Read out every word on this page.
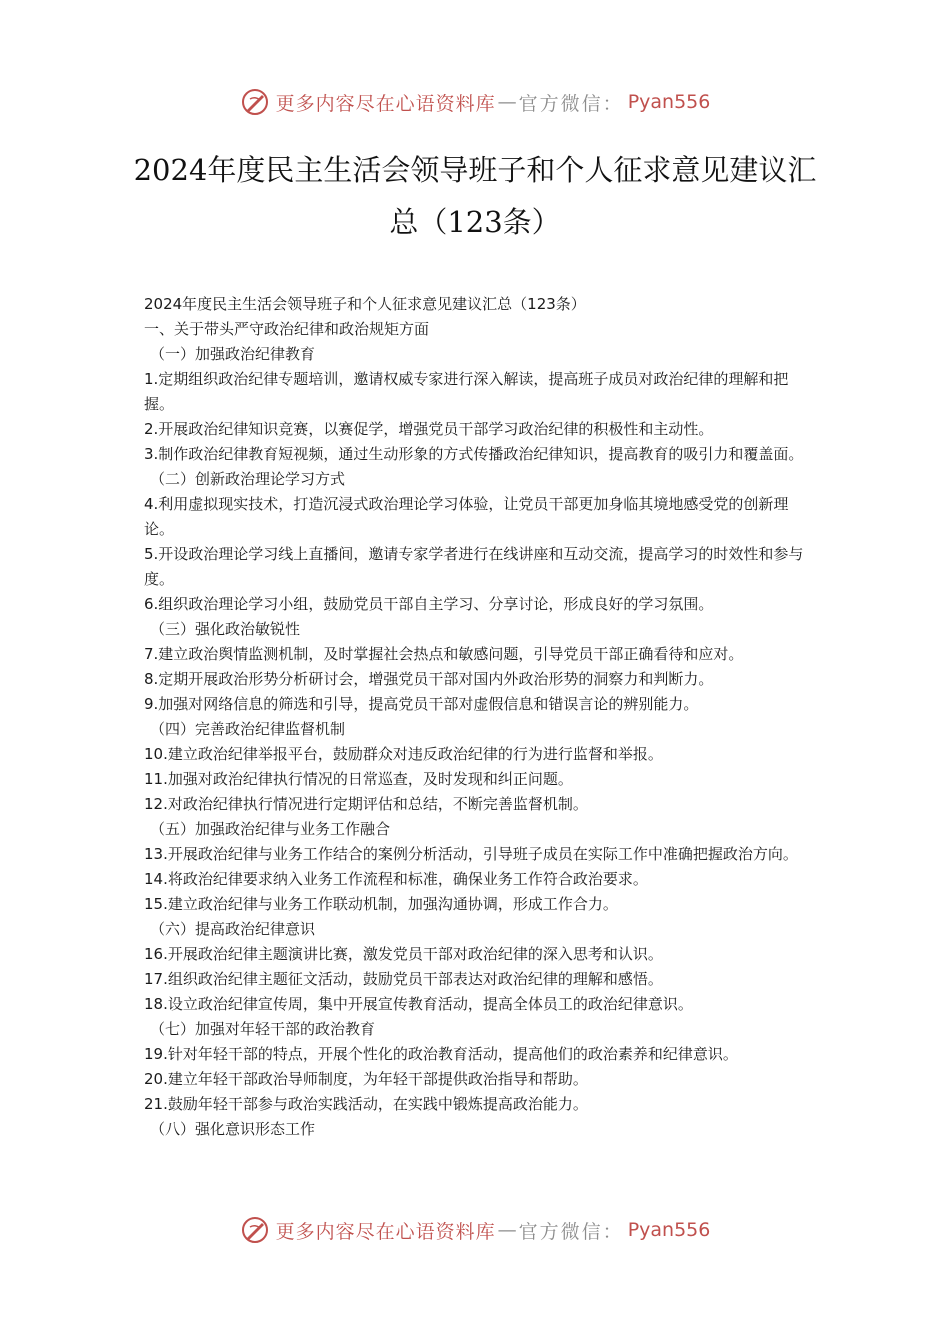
更多内容尽在心语资料库 — 官方微信： Pyan556
2024年度民主生活会领导班子和个人征求意见建议汇总（123条）

2024年度民主生活会领导班子和个人征求意见建议汇总（123条）

一、关于带头严守政治纪律和政治规矩方面

（一）加强政治纪律教育

1.定期组织政治纪律专题培训，邀请权威专家进行深入解读，提高班子成员对政治纪律的理解和把握。

2.开展政治纪律知识竞赛，以赛促学，增强党员干部学习政治纪律的积极性和主动性。

3.制作政治纪律教育短视频，通过生动形象的方式传播政治纪律知识，提高教育的吸引力和覆盖面。

（二）创新政治理论学习方式

4.利用虚拟现实技术，打造沉浸式政治理论学习体验，让党员干部更加身临其境地感受党的创新理论。

5.开设政治理论学习线上直播间，邀请专家学者进行在线讲座和互动交流，提高学习的时效性和参与度。

6.组织政治理论学习小组，鼓励党员干部自主学习、分享讨论，形成良好的学习氛围。

（三）强化政治敏锐性

7.建立政治舆情监测机制，及时掌握社会热点和敏感问题，引导党员干部正确看待和应对。

8.定期开展政治形势分析研讨会，增强党员干部对国内外政治形势的洞察力和判断力。

9.加强对网络信息的筛选和引导，提高党员干部对虚假信息和错误言论的辨别能力。

（四）完善政治纪律监督机制

10.建立政治纪律举报平台，鼓励群众对违反政治纪律的行为进行监督和举报。

11.加强对政治纪律执行情况的日常巡查，及时发现和纠正问题。

12.对政治纪律执行情况进行定期评估和总结，不断完善监督机制。

（五）加强政治纪律与业务工作融合

13.开展政治纪律与业务工作结合的案例分析活动，引导班子成员在实际工作中准确把握政治方向。

14.将政治纪律要求纳入业务工作流程和标准，确保业务工作符合政治要求。

15.建立政治纪律与业务工作联动机制，加强沟通协调，形成工作合力。

（六）提高政治纪律意识

16.开展政治纪律主题演讲比赛，激发党员干部对政治纪律的深入思考和认识。

17.组织政治纪律主题征文活动，鼓励党员干部表达对政治纪律的理解和感悟。

18.设立政治纪律宣传周，集中开展宣传教育活动，提高全体员工的政治纪律意识。

（七）加强对年轻干部的政治教育

19.针对年轻干部的特点，开展个性化的政治教育活动，提高他们的政治素养和纪律意识。

20.建立年轻干部政治导师制度，为年轻干部提供政治指导和帮助。

21.鼓励年轻干部参与政治实践活动，在实践中锻炼提高政治能力。

（八）强化意识形态工作

更多内容尽在心语资料库 — 官方微信： Pyan556
